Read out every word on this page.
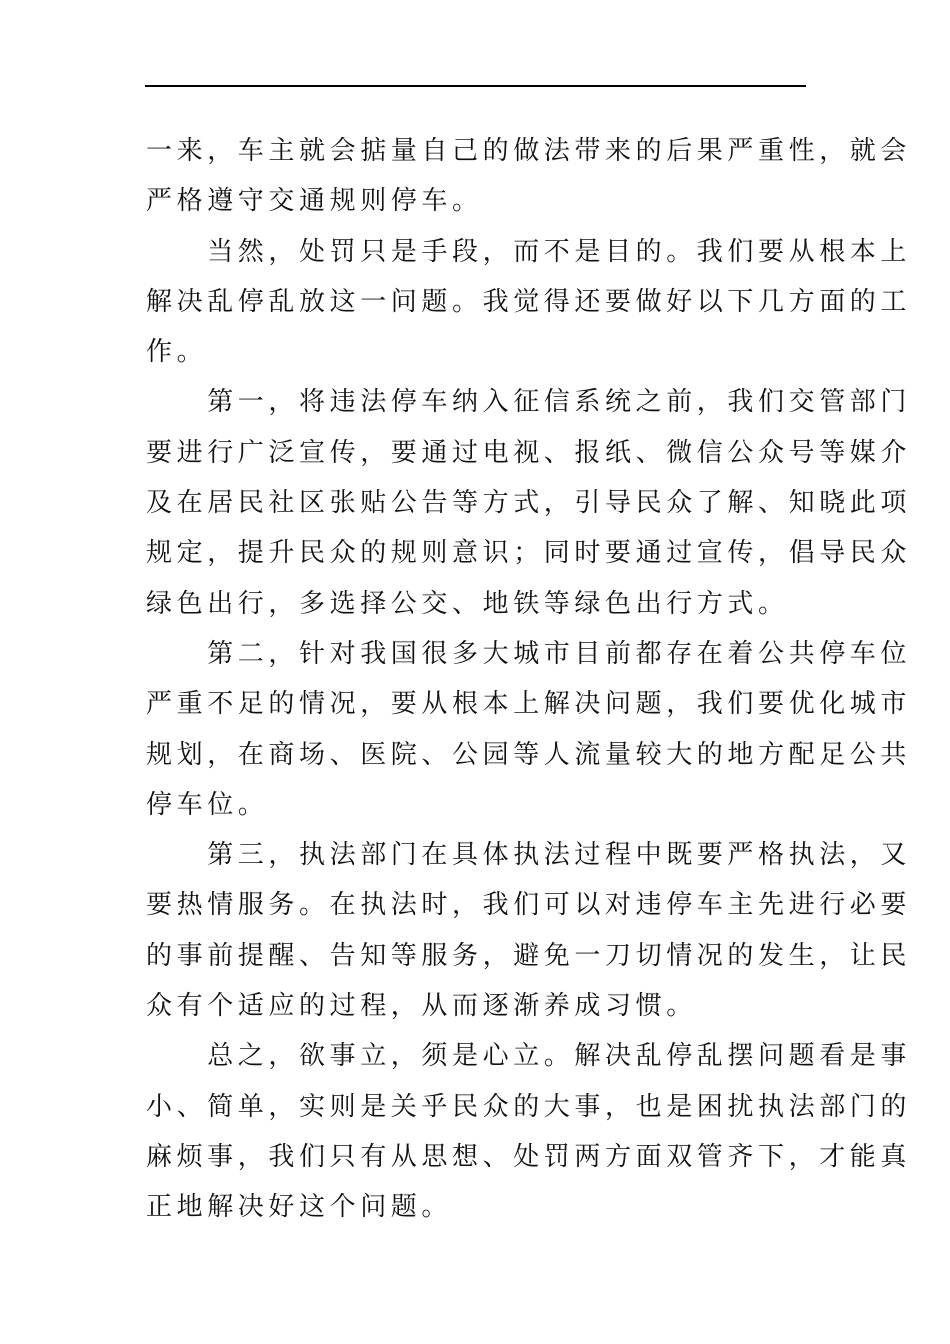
一来，车主就会掂量自己的做法带来的后果严重性，就会
严格遵守交通规则停车。
　　当然，处罚只是手段，而不是目的。我们要从根本上
解决乱停乱放这一问题。我觉得还要做好以下几方面的工
作。
　　第一，将违法停车纳入征信系统之前，我们交管部门
要进行广泛宣传，要通过电视、报纸、微信公众号等媒介
及在居民社区张贴公告等方式，引导民众了解、知晓此项
规定，提升民众的规则意识；同时要通过宣传，倡导民众
绿色出行，多选择公交、地铁等绿色出行方式。
　　第二，针对我国很多大城市目前都存在着公共停车位
严重不足的情况，要从根本上解决问题，我们要优化城市
规划，在商场、医院、公园等人流量较大的地方配足公共
停车位。
　　第三，执法部门在具体执法过程中既要严格执法，又
要热情服务。在执法时，我们可以对违停车主先进行必要
的事前提醒、告知等服务，避免一刀切情况的发生，让民
众有个适应的过程，从而逐渐养成习惯。
　　总之，欲事立，须是心立。解决乱停乱摆问题看是事
小、简单，实则是关乎民众的大事，也是困扰执法部门的
麻烦事，我们只有从思想、处罚两方面双管齐下，才能真
正地解决好这个问题。
